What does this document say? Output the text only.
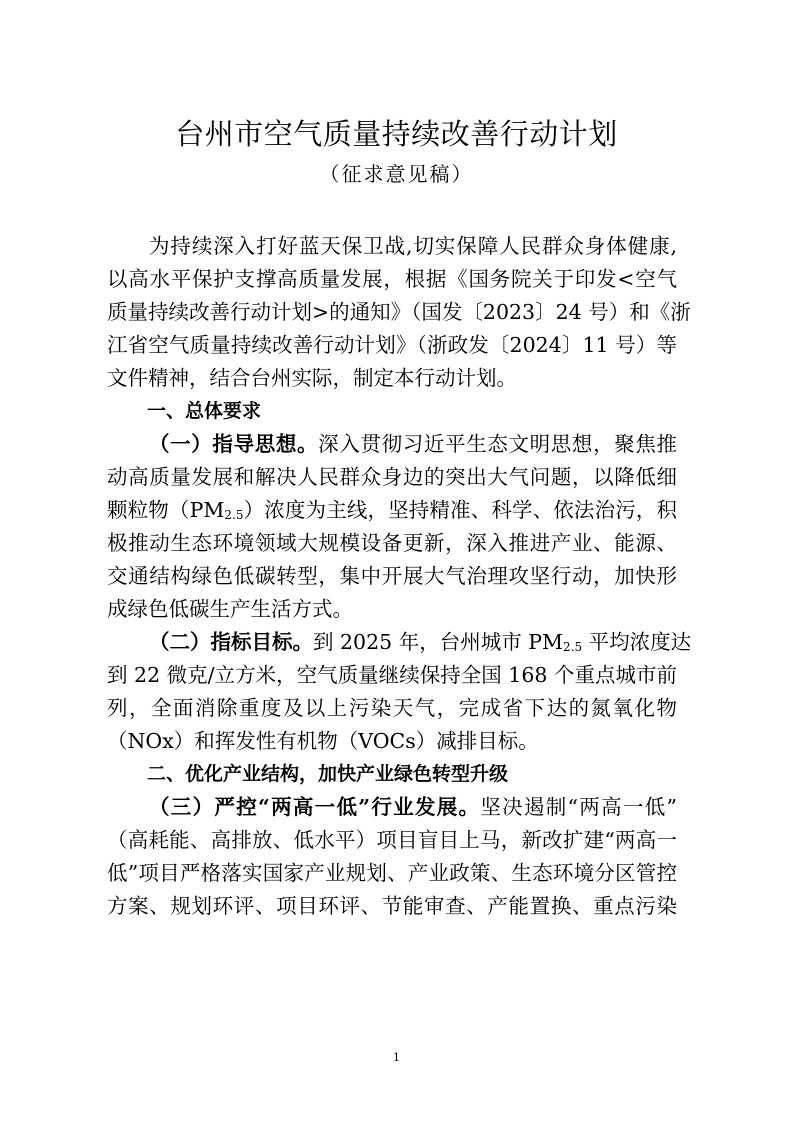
台州市空气质量持续改善行动计划
（征求意见稿）
为持续深入打好蓝天保卫战,切实保障人民群众身体健康,
以高水平保护支撑高质量发展，根据《国务院关于印发<空气
质量持续改善行动计划>的通知》（国发〔2023〕24 号）和《浙
江省空气质量持续改善行动计划》（浙政发〔2024〕11 号）等
文件精神，结合台州实际，制定本行动计划。
一、总体要求
（一）指导思想。深入贯彻习近平生态文明思想，聚焦推
动高质量发展和解决人民群众身边的突出大气问题，以降低细
颗粒物$(PM_{2.5})$浓度为主线，坚持精准、科学、依法治污，积
极推动生态环境领域大规模设备更新，深入推进产业、能源、
交通结构绿色低碳转型，集中开展大气治理攻坚行动，加快形
成绿色低碳生产生活方式。
（二）指标目标。到 2025 年，台州城市 $PM_{2.5}$ 平均浓度达
到 22 微克/立方米，空气质量继续保持全国 168 个重点城市前
列，全面消除重度及以上污染天气，完成省下达的氮氧化物
（NOx）和挥发性有机物（VOCs）减排目标。
二、优化产业结构，加快产业绿色转型升级
（三）严控“两高一低”行业发展。坚决遏制“两高一低”
（高耗能、高排放、低水平）项目盲目上马，新改扩建“两高一
低”项目严格落实国家产业规划、产业政策、生态环境分区管控
方案、规划环评、项目环评、节能审查、产能置换、重点污染
1
